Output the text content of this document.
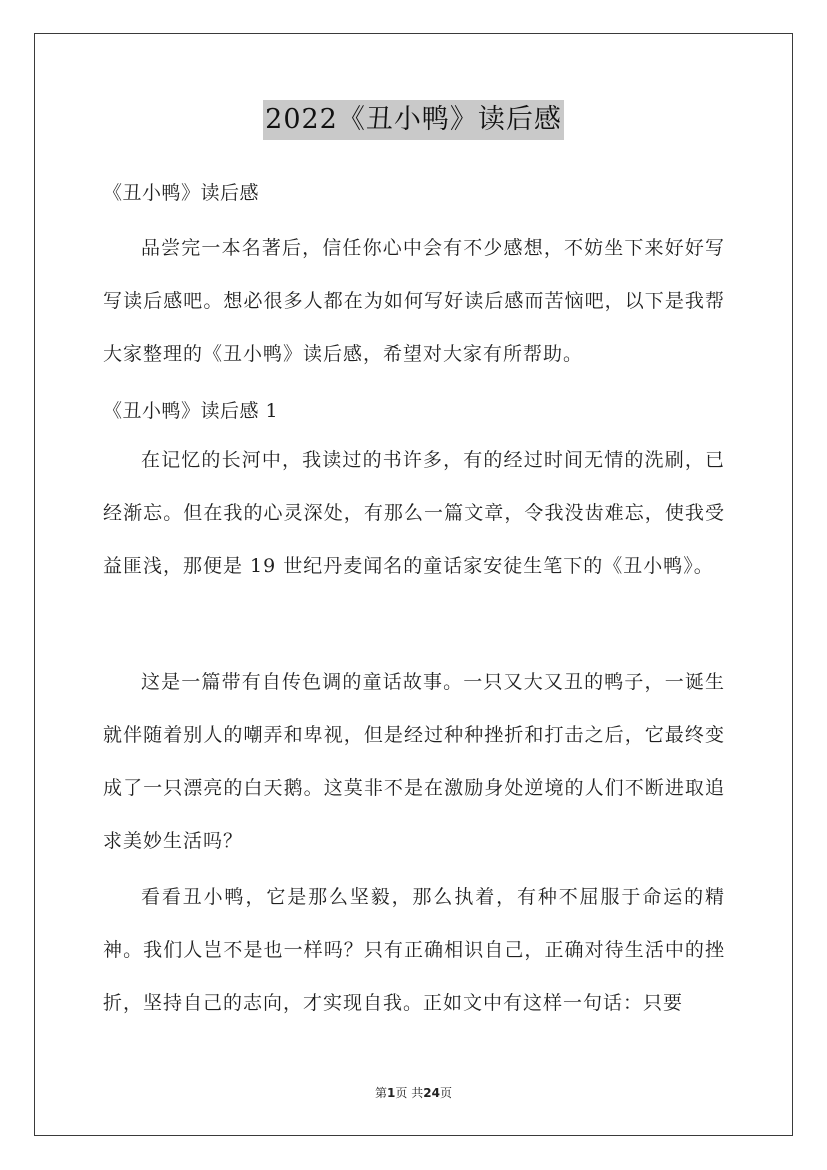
2022《丑小鸭》读后感

《丑小鸭》读后感

品尝完一本名著后，信任你心中会有不少感想，不妨坐下来好好写写读后感吧。想必很多人都在为如何写好读后感而苦恼吧，以下是我帮大家整理的《丑小鸭》读后感，希望对大家有所帮助。

《丑小鸭》读后感 1

在记忆的长河中，我读过的书许多，有的经过时间无情的洗刷，已经渐忘。但在我的心灵深处，有那么一篇文章，令我没齿难忘，使我受益匪浅，那便是 19 世纪丹麦闻名的童话家安徒生笔下的《丑小鸭》。

这是一篇带有自传色调的童话故事。一只又大又丑的鸭子，一诞生就伴随着别人的嘲弄和卑视，但是经过种种挫折和打击之后，它最终变成了一只漂亮的白天鹅。这莫非不是在激励身处逆境的人们不断进取追求美妙生活吗？

看看丑小鸭，它是那么坚毅，那么执着，有种不屈服于命运的精神。我们人岂不是也一样吗？只有正确相识自己，正确对待生活中的挫折，坚持自己的志向，才实现自我。正如文中有这样一句话：只要

第1页 共24页
